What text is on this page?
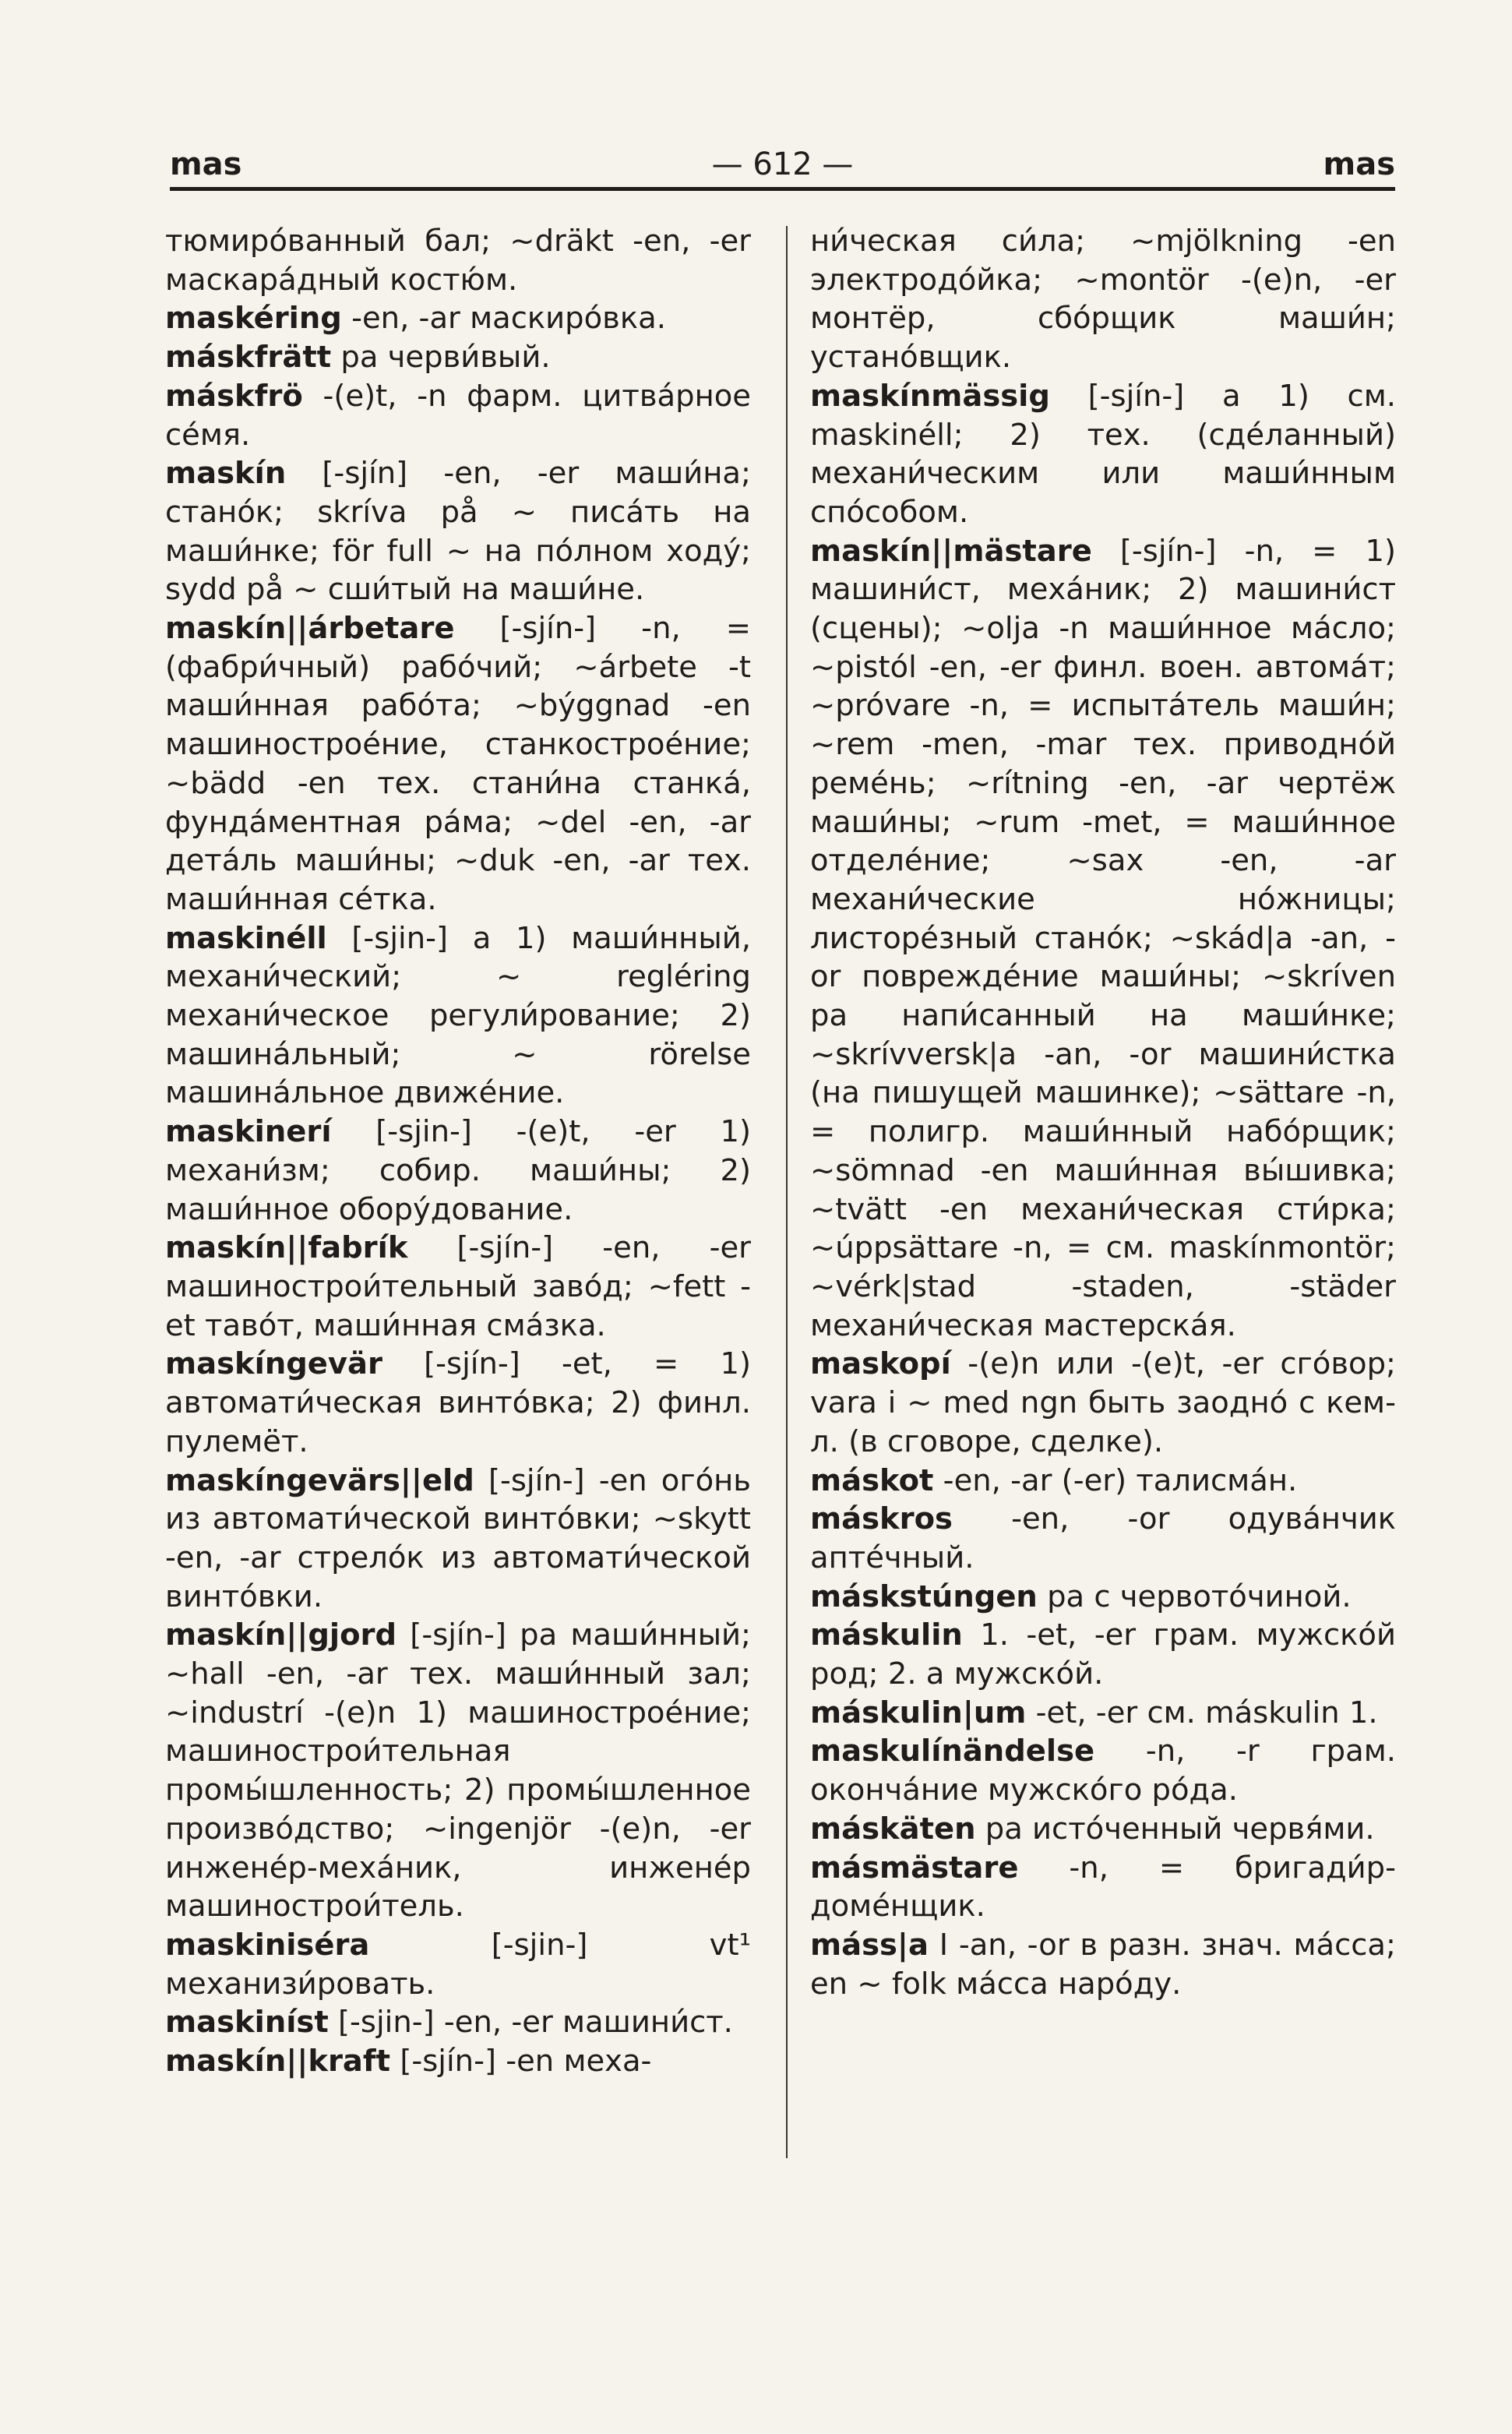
mas	— 612 —	mas
тюмиро́ванный бал; ~dräkt -en, -er маскара́дный костю́м.
maskéring -en, -ar маскиро́вка.
máskfrätt pa черви́вый.
máskfrö -(e)t, -n фарм. цитва́рное се́мя.
maskín [-sjín] -en, -er маши́на; стано́к; skríva på ~ писа́ть на маши́нке; för full ~ на по́лном ходу́; sydd på ~ сши́тый на маши́не.
maskín||árbetare [-sjín-] -n, = (фабри́чный) рабо́чий; ~árbete -t маши́нная рабо́та; ~býggnad -en машинострое́ние, станкострое́ние; ~bädd -en тех. стани́на станка́, фунда́ментная ра́ма; ~del -en, -ar дета́ль маши́ны; ~duk -en, -ar тех. маши́нная се́тка.
maskinéll [-sjin-] a 1) маши́нный, механи́ческий; ~ regléring механи́ческое регули́рование; 2) машина́льный; ~ rörelse машина́льное движе́ние.
maskinerí [-sjin-] -(e)t, -er 1) механи́зм; собир. маши́ны; 2) маши́нное обору́дование.
maskín||fabrík [-sjín-] -en, -er машинострои́тельный заво́д; ~fett -et таво́т, маши́нная сма́зка.
maskíngevär [-sjín-] -et, = 1) автомати́ческая винто́вка; 2) финл. пулемёт.
maskíngevärs||eld [-sjín-] -en ого́нь из автомати́ческой винто́вки; ~skytt -en, -ar стрело́к из автомати́ческой винто́вки.
maskín||gjord [-sjín-] pa маши́нный; ~hall -en, -ar тех. маши́нный зал; ~industrí -(e)n 1) машинострое́ние; машинострои́тельная промы́шленность; 2) промы́шленное произво́дство; ~ingenjör -(e)n, -er инжене́р-меха́ник, инжене́р машинострои́тель.
maskiniséra [-sjin-] vt¹ механизи́ровать.
maskiníst [-sjin-] -en, -er машини́ст.
maskín||kraft [-sjín-] -en меха-
ни́ческая си́ла; ~mjölkning -en электродо́йка; ~montör -(e)n, -er монтёр, сбо́рщик маши́н; устано́вщик.
maskínmässig [-sjín-] a 1) см. maskinéll; 2) тех. (сде́ланный) механи́ческим или маши́нным спо́собом.
maskín||mästare [-sjín-] -n, = 1) машини́ст, меха́ник; 2) машини́ст (сцены); ~olja -n маши́нное ма́сло; ~pistól -en, -er финл. воен. автома́т; ~próvare -n, = испыта́тель маши́н; ~rem -men, -mar тех. приводно́й реме́нь; ~rítning -en, -ar чертёж маши́ны; ~rum -met, = маши́нное отделе́ние; ~sax -en, -ar механи́ческие но́жницы; листоре́зный стано́к; ~skád|a -an, -or поврежде́ние маши́ны; ~skríven pa напи́санный на маши́нке; ~skrívversk|a -an, -or машини́стка (на пишущей машинке); ~sättare -n, = полигр. маши́нный набо́рщик; ~sömnad -en маши́нная вы́шивка; ~tvätt -en механи́ческая сти́рка; ~úppsättare -n, = см. maskínmontör; ~vérk|stad -staden, -städer механи́ческая мастерска́я.
maskopí -(e)n или -(e)t, -er сго́вор; vara i ~ med ngn быть заодно́ с кем-л. (в сговоре, сделке).
máskot -en, -ar (-er) талисма́н.
máskros -en, -or одува́нчик апте́чный.
máskstúngen pa с червото́чиной.
máskulin 1. -et, -er грам. мужско́й род; 2. a мужско́й.
máskulin|um -et, -er см. máskulin 1.
maskulínändelse -n, -r грам. оконча́ние мужско́го ро́да.
máskäten pa исто́ченный червя́ми.
másmästare -n, = бригади́р-доме́нщик.
máss|a I -an, -or в разн. знач. ма́сса; en ~ folk ма́сса наро́ду.
